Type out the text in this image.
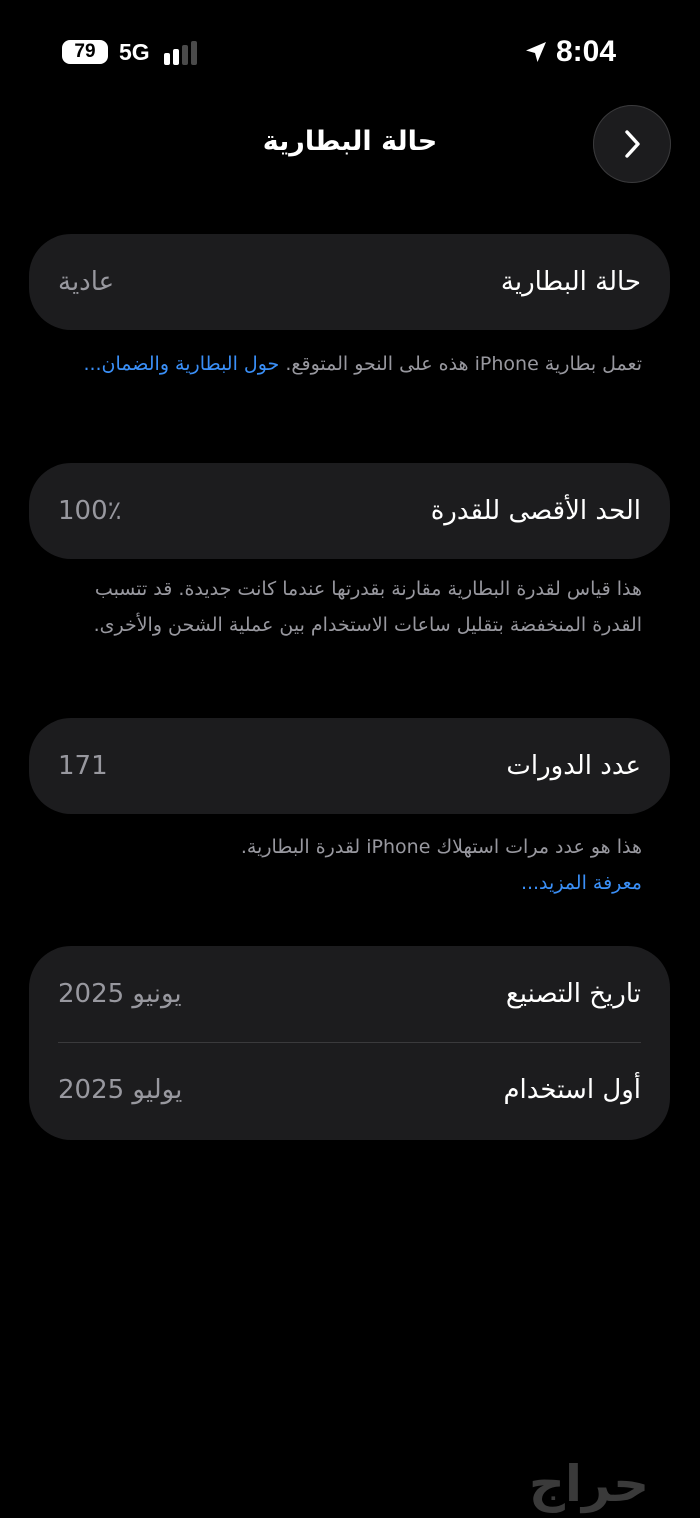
79	5G	8:04
حالة البطارية
حالة البطارية
عادية
تعمل بطارية iPhone هذه على النحو المتوقع. حول البطارية والضمان...
الحد الأقصى للقدرة
100٪
هذا قياس لقدرة البطارية مقارنة بقدرتها عندما كانت جديدة. قد تتسبب القدرة المنخفضة بتقليل ساعات الاستخدام بين عملية الشحن والأخرى.
عدد الدورات
171
هذا هو عدد مرات استهلاك iPhone لقدرة البطارية.
معرفة المزيد...
تاريخ التصنيع
يونيو 2025
أول استخدام
يوليو 2025
حراج
